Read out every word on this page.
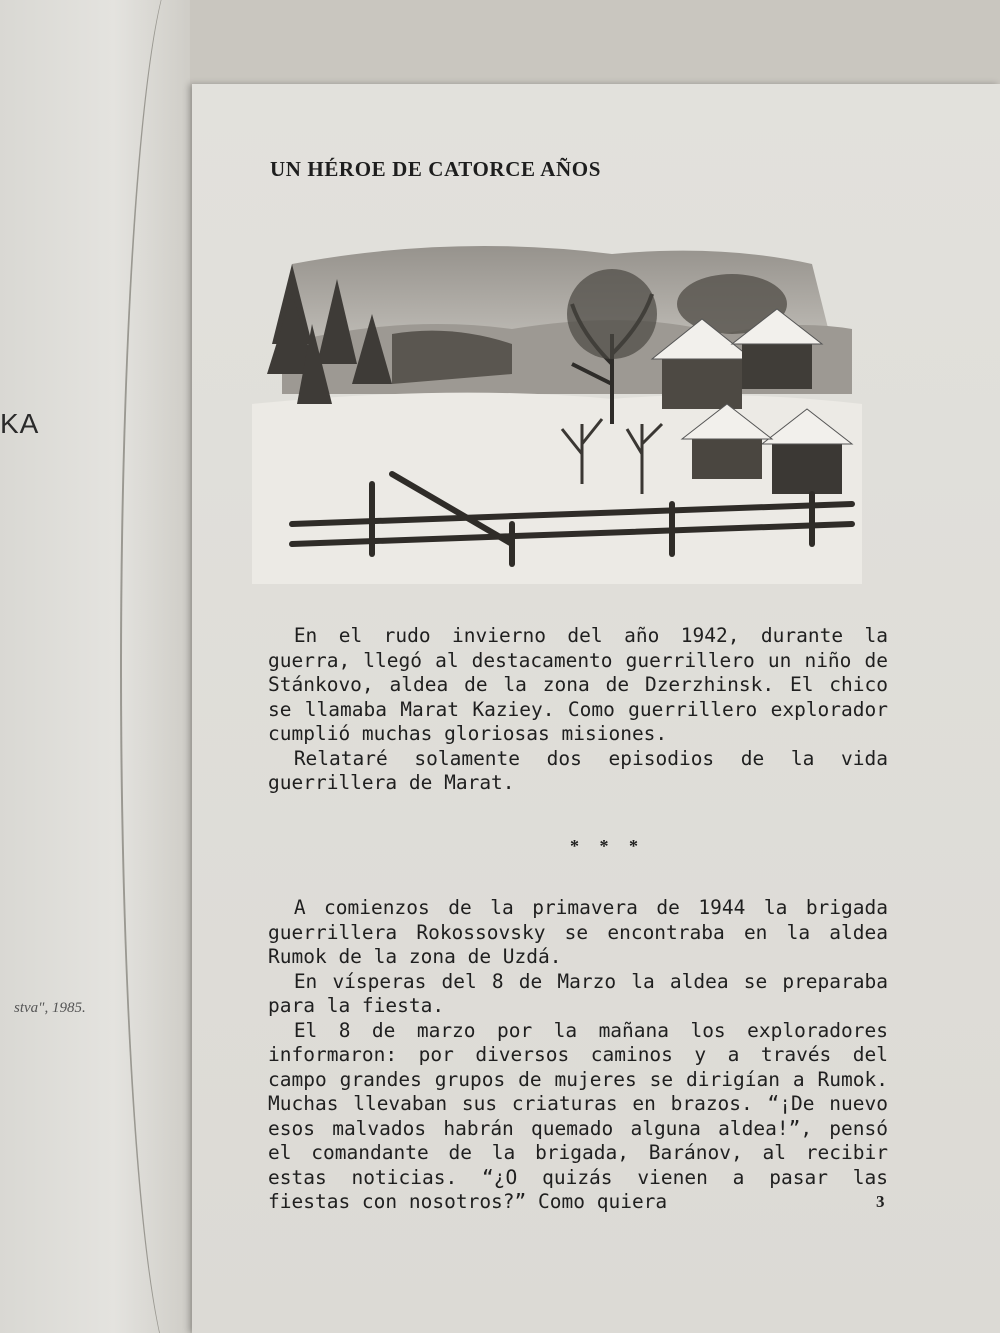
KA
stva", 1985.
UN HÉROE DE CATORCE AÑOS

En el rudo invierno del año 1942, durante la guerra, llegó al destacamento guerrillero un niño de Stánkovo, aldea de la zona de Dzerzhinsk. El chico se llamaba Marat Kaziey. Como guerrillero explorador cumplió muchas gloriosas misiones.

Relataré solamente dos episodios de la vida guerrillera de Marat.

* * *

A comienzos de la primavera de 1944 la brigada guerrillera Rokossovsky se encontraba en la aldea Rumok de la zona de Uzdá.

En vísperas del 8 de Marzo la aldea se preparaba para la fiesta.

El 8 de marzo por la mañana los exploradores informaron: por diversos caminos y a través del campo grandes grupos de mujeres se dirigían a Rumok. Muchas llevaban sus criaturas en brazos. “¡De nuevo esos malvados habrán quemado alguna aldea!”, pensó el comandante de la brigada, Baránov, al recibir estas noticias. “¿O quizás vienen a pasar las fiestas con nosotros?” Como quiera	3
